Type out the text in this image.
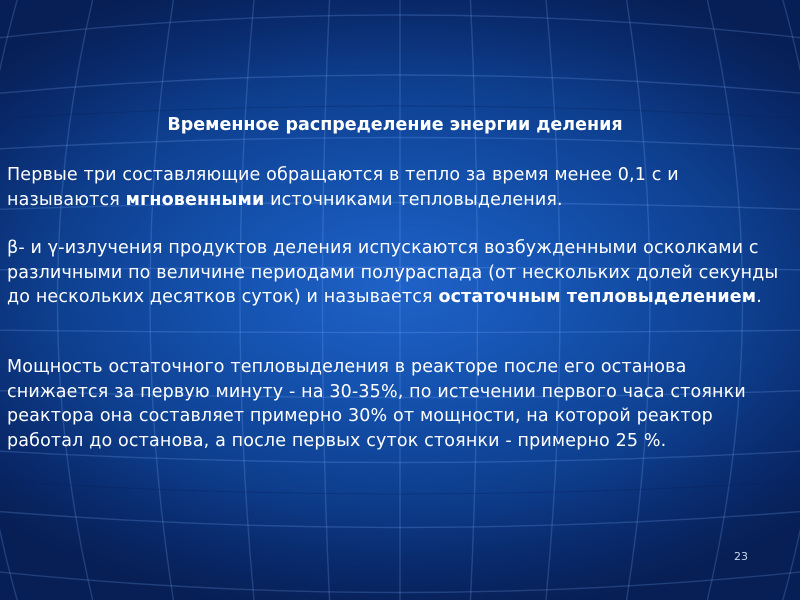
Временное распределение энергии деления

Первые три составляющие обращаются в тепло за время менее 0,1 с и называются мгновенными источниками тепловыделения.

β- и γ-излучения продуктов деления испускаются возбужденными осколками с различными по величине периодами полураспада (от нескольких долей секунды до нескольких десятков суток) и называется остаточным тепловыделением.

Мощность остаточного тепловыделения в реакторе после его останова снижается за первую минуту - на 30-35%, по истечении первого часа стоянки реактора она составляет примерно 30% от мощности, на которой реактор работал до останова, а после первых суток стоянки - примерно 25 %.

23
